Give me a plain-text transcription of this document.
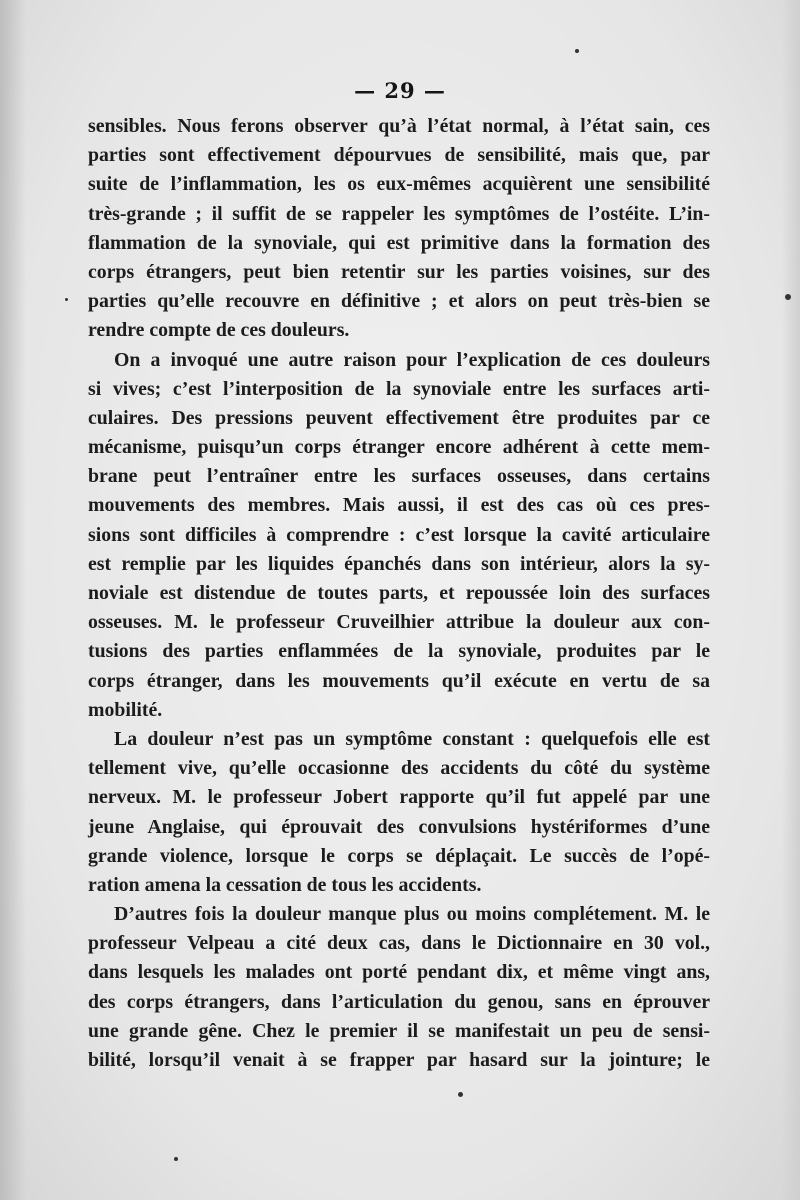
— 29 —
sensibles. Nous ferons observer qu’à l’état normal, à l’état sain, ces
parties sont effectivement dépourvues de sensibilité, mais que, par
suite de l’inflammation, les os eux-mêmes acquièrent une sensibilité
très-grande ; il suffit de se rappeler les symptômes de l’ostéite. L’in-
flammation de la synoviale, qui est primitive dans la formation des
corps étrangers, peut bien retentir sur les parties voisines, sur des
parties qu’elle recouvre en définitive ; et alors on peut très-bien se
rendre compte de ces douleurs.
On a invoqué une autre raison pour l’explication de ces douleurs
si vives; c’est l’interposition de la synoviale entre les surfaces arti-
culaires. Des pressions peuvent effectivement être produites par ce
mécanisme, puisqu’un corps étranger encore adhérent à cette mem-
brane peut l’entraîner entre les surfaces osseuses, dans certains
mouvements des membres. Mais aussi, il est des cas où ces pres-
sions sont difficiles à comprendre : c’est lorsque la cavité articulaire
est remplie par les liquides épanchés dans son intérieur, alors la sy-
noviale est distendue de toutes parts, et repoussée loin des surfaces
osseuses. M. le professeur Cruveilhier attribue la douleur aux con-
tusions des parties enflammées de la synoviale, produites par le
corps étranger, dans les mouvements qu’il exécute en vertu de sa
mobilité.
La douleur n’est pas un symptôme constant : quelquefois elle est
tellement vive, qu’elle occasionne des accidents du côté du système
nerveux. M. le professeur Jobert rapporte qu’il fut appelé par une
jeune Anglaise, qui éprouvait des convulsions hystériformes d’une
grande violence, lorsque le corps se déplaçait. Le succès de l’opé-
ration amena la cessation de tous les accidents.
D’autres fois la douleur manque plus ou moins complétement. M. le
professeur Velpeau a cité deux cas, dans le Dictionnaire en 30 vol.,
dans lesquels les malades ont porté pendant dix, et même vingt ans,
des corps étrangers, dans l’articulation du genou, sans en éprouver
une grande gêne. Chez le premier il se manifestait un peu de sensi-
bilité, lorsqu’il venait à se frapper par hasard sur la jointure; le
